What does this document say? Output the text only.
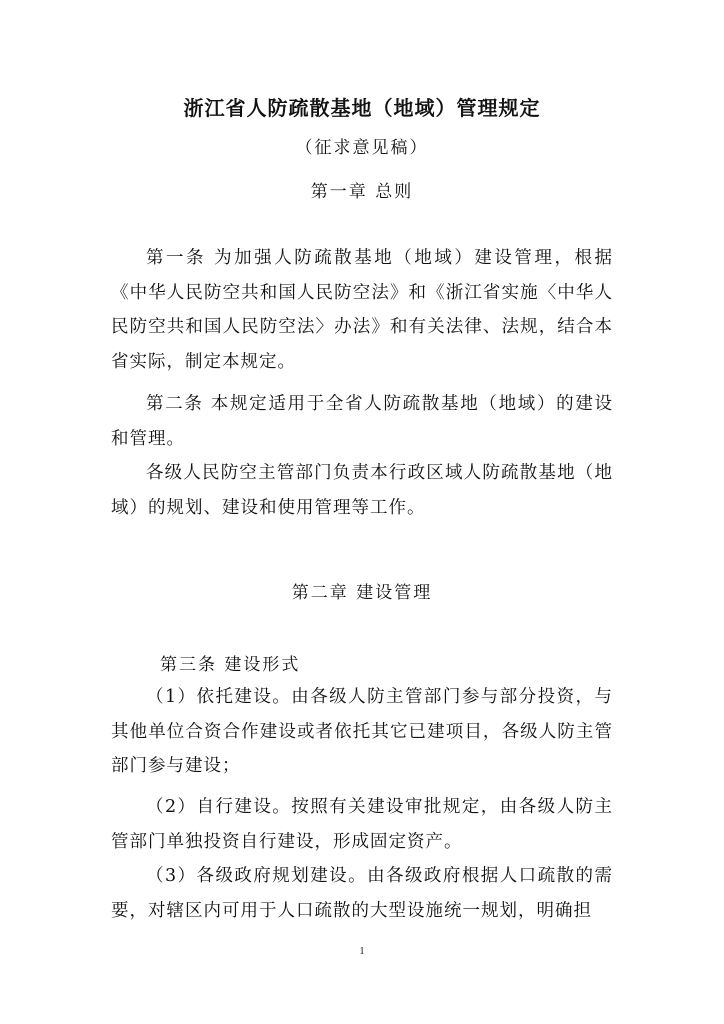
浙江省人防疏散基地（地域）管理规定
（征求意见稿）
第一章 总则

第一条 为加强人防疏散基地（地域）建设管理，根据《中华人民防空共和国人民防空法》和《浙江省实施〈中华人民防空共和国人民防空法〉办法》和有关法律、法规，结合本省实际，制定本规定。

第二条 本规定适用于全省人防疏散基地（地域）的建设和管理。

各级人民防空主管部门负责本行政区域人防疏散基地（地域）的规划、建设和使用管理等工作。

第二章 建设管理
第三条 建设形式

（1）依托建设。由各级人防主管部门参与部分投资，与其他单位合资合作建设或者依托其它已建项目，各级人防主管部门参与建设；

（2）自行建设。按照有关建设审批规定，由各级人防主管部门单独投资自行建设，形成固定资产。

（3）各级政府规划建设。由各级政府根据人口疏散的需要，对辖区内可用于人口疏散的大型设施统一规划，明确担

1
